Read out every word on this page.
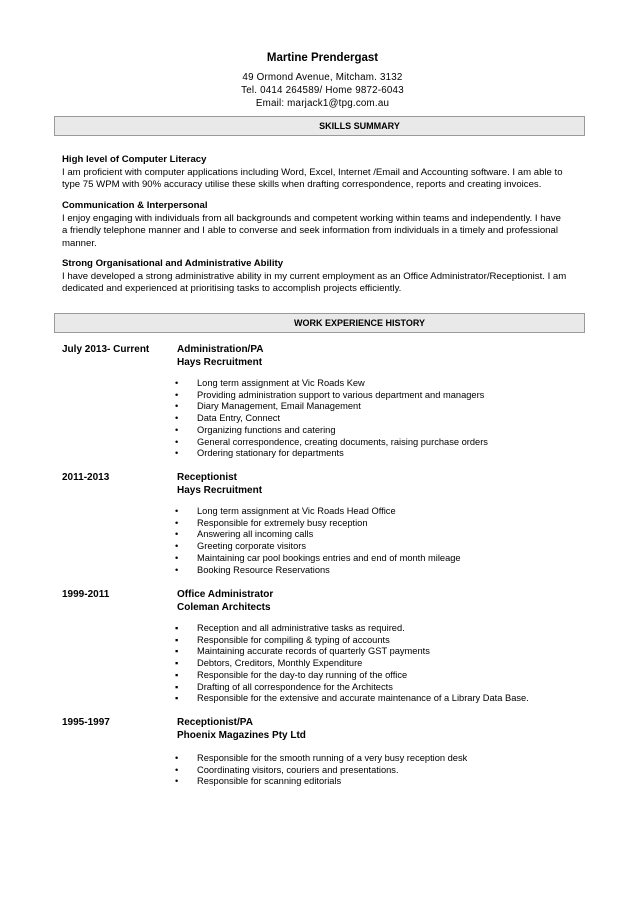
Martine Prendergast
49 Ormond Avenue, Mitcham. 3132
Tel. 0414 264589/ Home 9872-6043
Email: marjack1@tpg.com.au
SKILLS SUMMARY
High level of Computer Literacy
I am proficient with computer applications including Word, Excel, Internet /Email and Accounting software. I am able to
type 75 WPM with 90% accuracy utilise these skills when drafting correspondence, reports and creating invoices.
Communication & Interpersonal
I enjoy engaging with individuals from all backgrounds and competent working within teams and independently. I have
a friendly telephone manner and I able to converse and seek information from individuals in a timely and professional
manner.
Strong Organisational and Administrative Ability
I have developed a strong administrative ability in my current employment as an Office Administrator/Receptionist. I am
dedicated and experienced at prioritising tasks to accomplish projects efficiently.
WORK EXPERIENCE HISTORY
July 2013- Current	Administration/PA
Hays Recruitment
• Long term assignment at Vic Roads Kew
• Providing administration support to various department and managers
• Diary Management, Email Management
• Data Entry, Connect
• Organizing functions and catering
• General correspondence, creating documents, raising purchase orders
• Ordering stationary for departments
2011-2013	Receptionist
Hays Recruitment
• Long term assignment at Vic Roads Head Office
• Responsible for extremely busy reception
• Answering all incoming calls
• Greeting corporate visitors
• Maintaining car pool bookings entries and end of month mileage
• Booking Resource Reservations
1999-2011	Office Administrator
Coleman Architects
▪ Reception and all administrative tasks as required.
▪ Responsible for compiling & typing of accounts
▪ Maintaining accurate records of quarterly GST payments
▪ Debtors, Creditors, Monthly Expenditure
▪ Responsible for the day-to day running of the office
▪ Drafting of all correspondence for the Architects
▪ Responsible for the extensive and accurate maintenance of a Library Data Base.
1995-1997	Receptionist/PA
Phoenix Magazines Pty Ltd
• Responsible for the smooth running of a very busy reception desk
• Coordinating visitors, couriers and presentations.
• Responsible for scanning editorials
